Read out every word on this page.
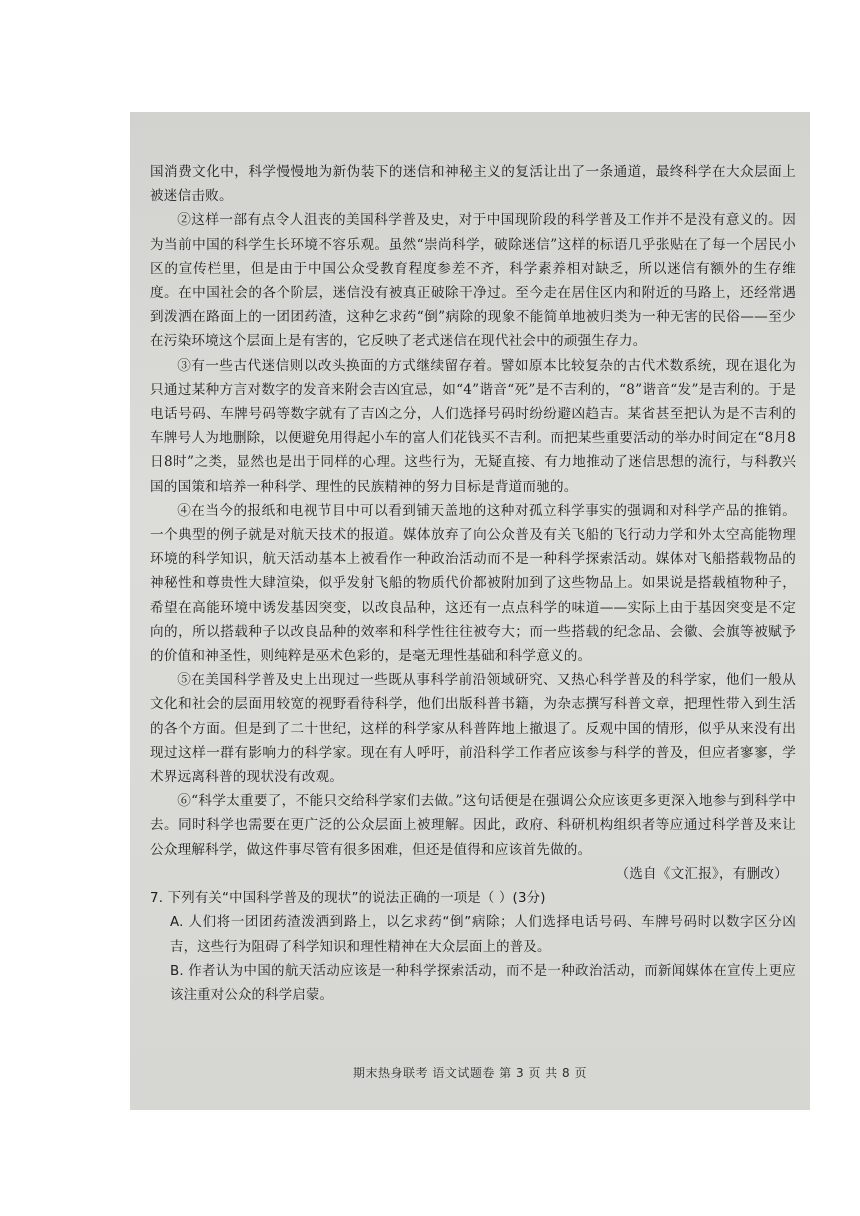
国消费文化中，科学慢慢地为新伪装下的迷信和神秘主义的复活让出了一条通道，最终科学在大众层面上被迷信击败。

②这样一部有点令人沮丧的美国科学普及史，对于中国现阶段的科学普及工作并不是没有意义的。因为当前中国的科学生长环境不容乐观。虽然“崇尚科学，破除迷信”这样的标语几乎张贴在了每一个居民小区的宣传栏里，但是由于中国公众受教育程度参差不齐，科学素养相对缺乏，所以迷信有额外的生存维度。在中国社会的各个阶层，迷信没有被真正破除干净过。至今走在居住区内和附近的马路上，还经常遇到泼洒在路面上的一团团药渣，这种乞求药“倒”病除的现象不能简单地被归类为一种无害的民俗——至少在污染环境这个层面上是有害的，它反映了老式迷信在现代社会中的顽强生存力。

③有一些古代迷信则以改头换面的方式继续留存着。譬如原本比较复杂的古代术数系统，现在退化为只通过某种方言对数字的发音来附会吉凶宜忌，如“4”谐音“死”是不吉利的，“8”谐音“发”是吉利的。于是电话号码、车牌号码等数字就有了吉凶之分，人们选择号码时纷纷避凶趋吉。某省甚至把认为是不吉利的车牌号人为地删除，以便避免用得起小车的富人们花钱买不吉利。而把某些重要活动的举办时间定在“8月8日8时”之类，显然也是出于同样的心理。这些行为，无疑直接、有力地推动了迷信思想的流行，与科教兴国的国策和培养一种科学、理性的民族精神的努力目标是背道而驰的。

④在当今的报纸和电视节目中可以看到铺天盖地的这种对孤立科学事实的强调和对科学产品的推销。一个典型的例子就是对航天技术的报道。媒体放弃了向公众普及有关飞船的飞行动力学和外太空高能物理环境的科学知识，航天活动基本上被看作一种政治活动而不是一种科学探索活动。媒体对飞船搭载物品的神秘性和尊贵性大肆渲染，似乎发射飞船的物质代价都被附加到了这些物品上。如果说是搭载植物种子，希望在高能环境中诱发基因突变，以改良品种，这还有一点点科学的味道——实际上由于基因突变是不定向的，所以搭载种子以改良品种的效率和科学性往往被夸大；而一些搭载的纪念品、会徽、会旗等被赋予的价值和神圣性，则纯粹是巫术色彩的，是毫无理性基础和科学意义的。

⑤在美国科学普及史上出现过一些既从事科学前沿领域研究、又热心科学普及的科学家，他们一般从文化和社会的层面用较宽的视野看待科学，他们出版科普书籍，为杂志撰写科普文章，把理性带入到生活的各个方面。但是到了二十世纪，这样的科学家从科普阵地上撤退了。反观中国的情形，似乎从来没有出现过这样一群有影响力的科学家。现在有人呼吁，前沿科学工作者应该参与科学的普及，但应者寥寥，学术界远离科普的现状没有改观。

⑥“科学太重要了，不能只交给科学家们去做。”这句话便是在强调公众应该更多更深入地参与到科学中去。同时科学也需要在更广泛的公众层面上被理解。因此，政府、科研机构组织者等应通过科学普及来让公众理解科学，做这件事尽管有很多困难，但还是值得和应该首先做的。

（选自《文汇报》，有删改）

7. 下列有关“中国科学普及的现状”的说法正确的一项是（ ）(3分)

A. 人们将一团团药渣泼洒到路上，以乞求药“倒”病除；人们选择电话号码、车牌号码时以数字区分凶吉，这些行为阻碍了科学知识和理性精神在大众层面上的普及。

B. 作者认为中国的航天活动应该是一种科学探索活动，而不是一种政治活动，而新闻媒体在宣传上更应该注重对公众的科学启蒙。

期末热身联考 语文试题卷 第 3 页 共 8 页
